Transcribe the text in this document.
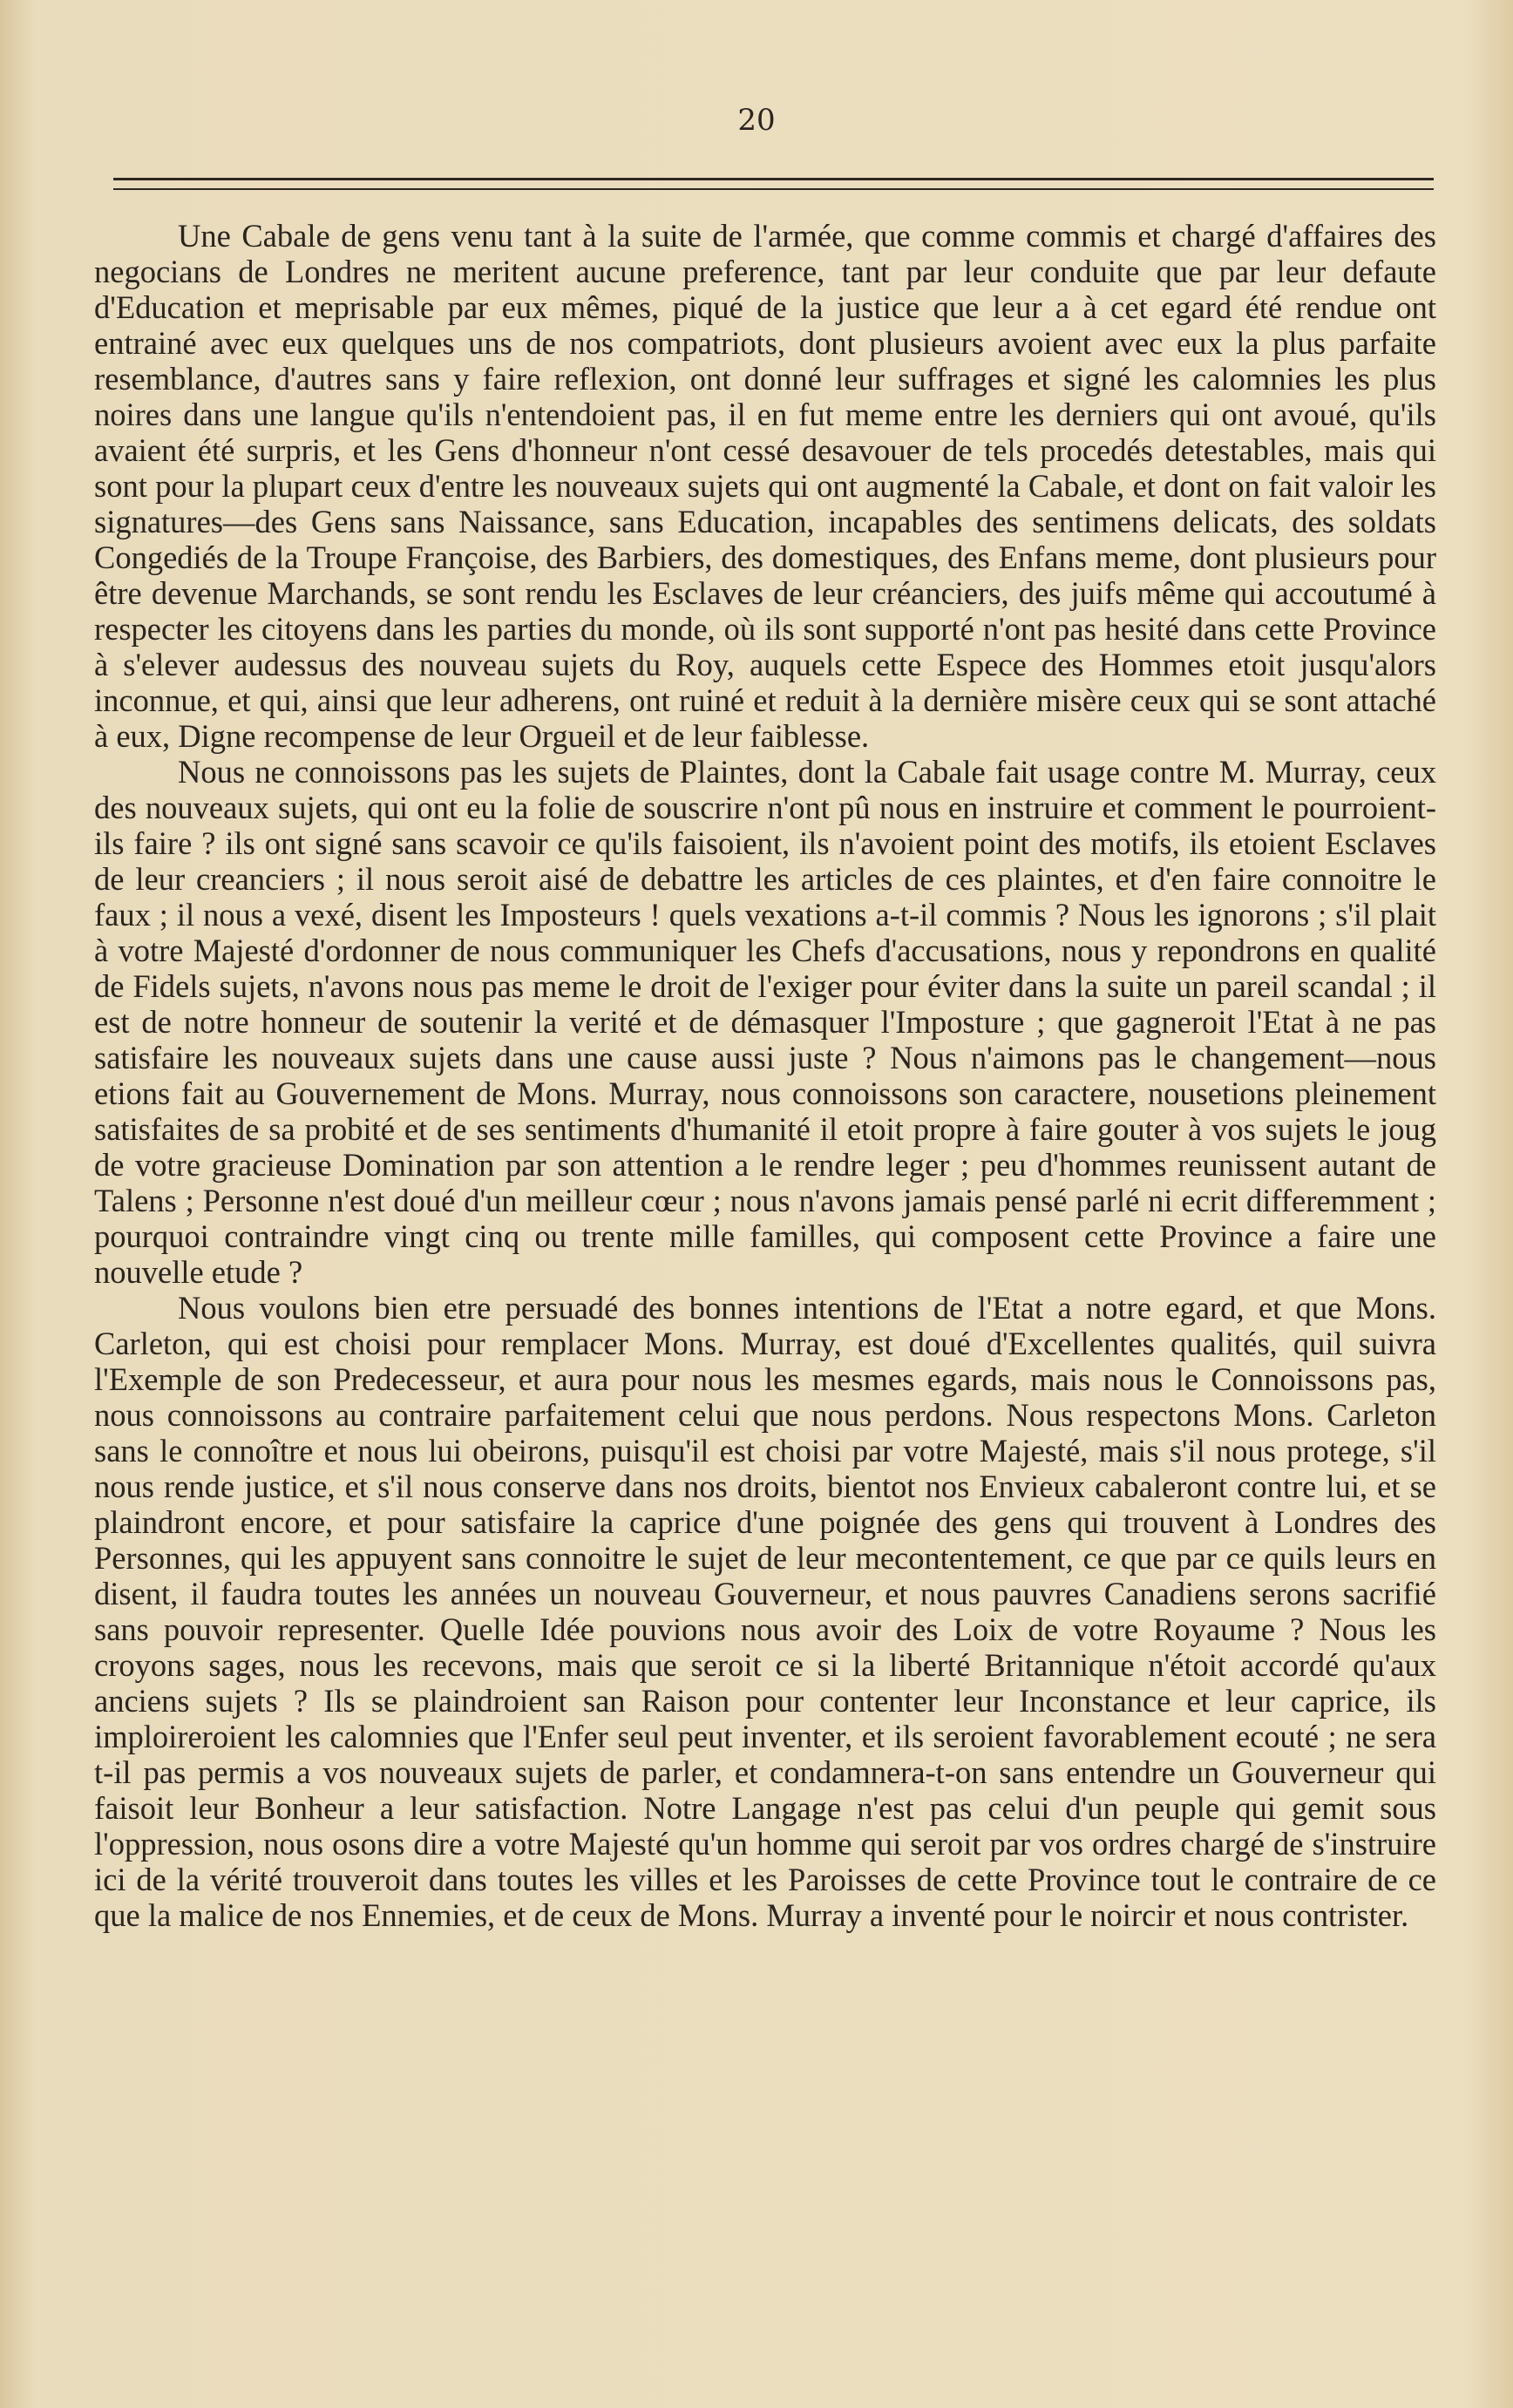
20

Une Cabale de gens venu tant à la suite de l'armée, que comme commis et chargé d'affaires des negocians de Londres ne meritent aucune preference, tant par leur conduite que par leur defaute d'Education et meprisable par eux mêmes, piqué de la justice que leur a à cet egard été rendue ont entrainé avec eux quelques uns de nos compatriots, dont plusieurs avoient avec eux la plus parfaite resemblance, d'autres sans y faire reflexion, ont donné leur suffrages et signé les calomnies les plus noires dans une langue qu'ils n'entendoient pas, il en fut meme entre les derniers qui ont avoué, qu'ils avaient été surpris, et les Gens d'honneur n'ont cessé desavouer de tels procedés detestables, mais qui sont pour la plupart ceux d'entre les nouveaux sujets qui ont augmenté la Cabale, et dont on fait valoir les signatures—des Gens sans Naissance, sans Education, incapables des sentimens delicats, des soldats Congediés de la Troupe Françoise, des Barbiers, des domestiques, des Enfans meme, dont plusieurs pour être devenue Marchands, se sont rendu les Esclaves de leur créanciers, des juifs même qui accoutumé à respecter les citoyens dans les parties du monde, où ils sont supporté n'ont pas hesité dans cette Province à s'elever audessus des nouveau sujets du Roy, auquels cette Espece des Hommes etoit jusqu'alors inconnue, et qui, ainsi que leur adherens, ont ruiné et reduit à la dernière misère ceux qui se sont attaché à eux, Digne recompense de leur Orgueil et de leur faiblesse.

Nous ne connoissons pas les sujets de Plaintes, dont la Cabale fait usage contre M. Murray, ceux des nouveaux sujets, qui ont eu la folie de souscrire n'ont pû nous en instruire et comment le pourroient-ils faire ? ils ont signé sans scavoir ce qu'ils faisoient, ils n'avoient point des motifs, ils etoient Esclaves de leur creanciers ; il nous seroit aisé de debattre les articles de ces plaintes, et d'en faire connoitre le faux ; il nous a vexé, disent les Imposteurs ! quels vexations a-t-il commis ? Nous les ignorons ; s'il plait à votre Majesté d'ordonner de nous communiquer les Chefs d'accusations, nous y repondrons en qualité de Fidels sujets, n'avons nous pas meme le droit de l'exiger pour éviter dans la suite un pareil scandal ; il est de notre honneur de soutenir la verité et de démasquer l'Imposture ; que gagneroit l'Etat à ne pas satisfaire les nouveaux sujets dans une cause aussi juste ? Nous n'aimons pas le changement—nous etions fait au Gouvernement de Mons. Murray, nous connoissons son caractere, nousetions pleinement satisfaites de sa probité et de ses sentiments d'humanité il etoit propre à faire gouter à vos sujets le joug de votre gracieuse Domination par son attention a le rendre leger ; peu d'hommes reunissent autant de Talens ; Personne n'est doué d'un meilleur cœur ; nous n'avons jamais pensé parlé ni ecrit differemment ; pourquoi contraindre vingt cinq ou trente mille familles, qui composent cette Province a faire une nouvelle etude ?

Nous voulons bien etre persuadé des bonnes intentions de l'Etat a notre egard, et que Mons. Carleton, qui est choisi pour remplacer Mons. Murray, est doué d'Excellentes qualités, quil suivra l'Exemple de son Predecesseur, et aura pour nous les mesmes egards, mais nous le Connoissons pas, nous connoissons au contraire parfaitement celui que nous perdons. Nous respectons Mons. Carleton sans le connoître et nous lui obeirons, puisqu'il est choisi par votre Majesté, mais s'il nous protege, s'il nous rende justice, et s'il nous conserve dans nos droits, bientot nos Envieux cabaleront contre lui, et se plaindront encore, et pour satisfaire la caprice d'une poignée des gens qui trouvent à Londres des Personnes, qui les appuyent sans connoitre le sujet de leur mecontentement, ce que par ce quils leurs en disent, il faudra toutes les années un nouveau Gouverneur, et nous pauvres Canadiens serons sacrifié sans pouvoir representer. Quelle Idée pouvions nous avoir des Loix de votre Royaume ? Nous les croyons sages, nous les recevons, mais que seroit ce si la liberté Britannique n'étoit accordé qu'aux anciens sujets ? Ils se plaindroient san Raison pour contenter leur Inconstance et leur caprice, ils imploireroient les calomnies que l'Enfer seul peut inventer, et ils seroient favorablement ecouté ; ne sera t-il pas permis a vos nouveaux sujets de parler, et condamnera-t-on sans entendre un Gouverneur qui faisoit leur Bonheur a leur satisfaction. Notre Langage n'est pas celui d'un peuple qui gemit sous l'oppression, nous osons dire a votre Majesté qu'un homme qui seroit par vos ordres chargé de s'instruire ici de la vérité trouveroit dans toutes les villes et les Paroisses de cette Province tout le contraire de ce que la malice de nos Ennemies, et de ceux de Mons. Murray a inventé pour le noircir et nous contrister.
